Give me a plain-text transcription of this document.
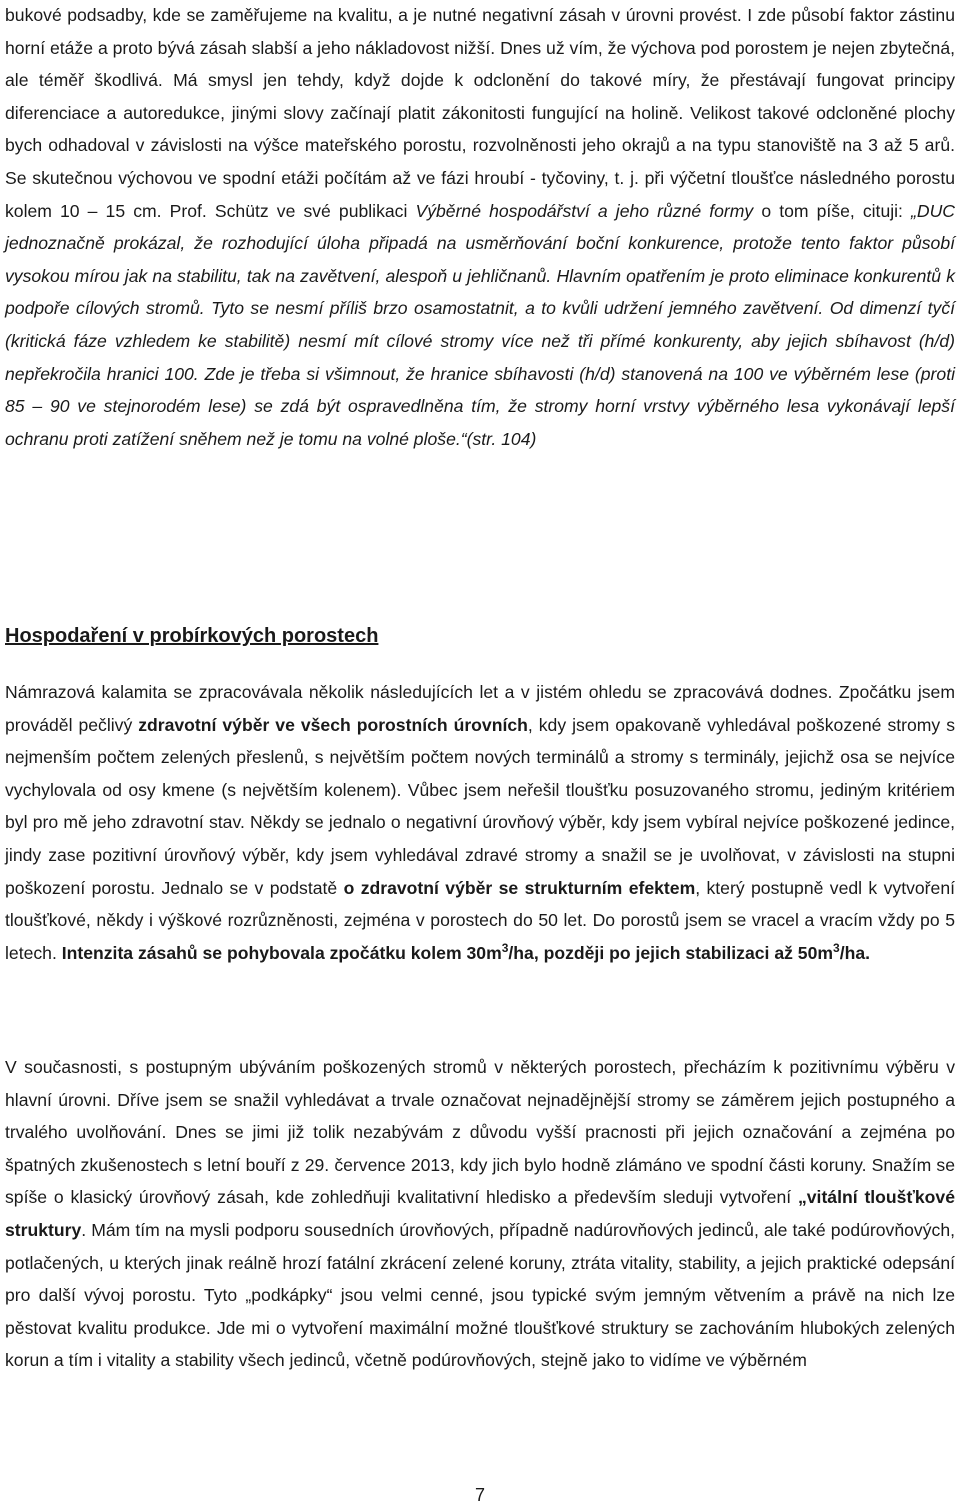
bukové podsadby, kde se zaměřujeme na kvalitu, a je nutné negativní zásah v úrovni provést. I zde působí faktor zástinu horní etáže a proto bývá zásah slabší a jeho nákladovost nižší. Dnes už vím, že výchova pod porostem je nejen zbytečná, ale téměř škodlivá. Má smysl jen tehdy, když dojde k odclonění do takové míry, že přestávají fungovat principy diferenciace a autoredukce, jinými slovy začínají platit zákonitosti fungující na holině. Velikost takové odcloněné plochy bych odhadoval v závislosti na výšce mateřského porostu, rozvolněnosti jeho okrajů a na typu stanoviště na 3 až 5 arů. Se skutečnou výchovou ve spodní etáži počítám až ve fázi hroubí - tyčoviny, t. j. při výčetní tloušťce následného porostu kolem 10 – 15 cm. Prof. Schütz ve své publikaci Výběrné hospodářství a jeho různé formy o tom píše, cituji: „DUC jednoznačně prokázal, že rozhodující úloha připadá na usměrňování boční konkurence, protože tento faktor působí vysokou mírou jak na stabilitu, tak na zavětvení, alespoň u jehličnanů. Hlavním opatřením je proto eliminace konkurentů k podpoře cílových stromů. Tyto se nesmí příliš brzo osamostatnit, a to kvůli udržení jemného zavětvení. Od dimenzí tyčí (kritická fáze vzhledem ke stabilitě) nesmí mít cílové stromy více než tři přímé konkurenty, aby jejich sbíhavost (h/d) nepřekročila hranici 100. Zde je třeba si všimnout, že hranice sbíhavosti (h/d) stanovená na 100 ve výběrném lese (proti 85 – 90 ve stejnorodém lese) se zdá být ospravedlněna tím, že stromy horní vrstvy výběrného lesa vykonávají lepší ochranu proti zatížení sněhem než je tomu na volné ploše.“(str. 104)

Hospodaření v probírkových porostech

Námrazová kalamita se zpracovávala několik následujících let a v jistém ohledu se zpracovává dodnes. Zpočátku jsem prováděl pečlivý zdravotní výběr ve všech porostních úrovních, kdy jsem opakovaně vyhledával poškozené stromy s nejmenším počtem zelených přeslenů, s největším počtem nových terminálů a stromy s terminály, jejichž osa se nejvíce vychylovala od osy kmene (s největším kolenem). Vůbec jsem neřešil tloušťku posuzovaného stromu, jediným kritériem byl pro mě jeho zdravotní stav. Někdy se jednalo o negativní úrovňový výběr, kdy jsem vybíral nejvíce poškozené jedince, jindy zase pozitivní úrovňový výběr, kdy jsem vyhledával zdravé stromy a snažil se je uvolňovat, v závislosti na stupni poškození porostu. Jednalo se v podstatě o zdravotní výběr se strukturním efektem, který postupně vedl k vytvoření tloušťkové, někdy i výškové rozrůzněnosti, zejména v porostech do 50 let. Do porostů jsem se vracel a vracím vždy po 5 letech. Intenzita zásahů se pohybovala zpočátku kolem $30m^3/ha$, později po jejich stabilizaci až $50m^3/ha$.

V současnosti, s postupným ubýváním poškozených stromů v některých porostech, přecházím k pozitivnímu výběru v hlavní úrovni. Dříve jsem se snažil vyhledávat a trvale označovat nejnadějnější stromy se záměrem jejich postupného a trvalého uvolňování. Dnes se jimi již tolik nezabývám z důvodu vyšší pracnosti při jejich označování a zejména po špatných zkušenostech s letní bouří z 29. července 2013, kdy jich bylo hodně zlámáno ve spodní části koruny. Snažím se spíše o klasický úrovňový zásah, kde zohledňuji kvalitativní hledisko a především sleduji vytvoření „vitální tloušťkové struktury. Mám tím na mysli podporu sousedních úrovňových, případně nadúrovňových jedinců, ale také podúrovňových, potlačených, u kterých jinak reálně hrozí fatální zkrácení zelené koruny, ztráta vitality, stability, a jejich praktické odepsání pro další vývoj porostu. Tyto „podkápky“ jsou velmi cenné, jsou typické svým jemným větvením a právě na nich lze pěstovat kvalitu produkce. Jde mi o vytvoření maximální možné tloušťkové struktury se zachováním hlubokých zelených korun a tím i vitality a stability všech jedinců, včetně podúrovňových, stejně jako to vidíme ve výběrném

7
